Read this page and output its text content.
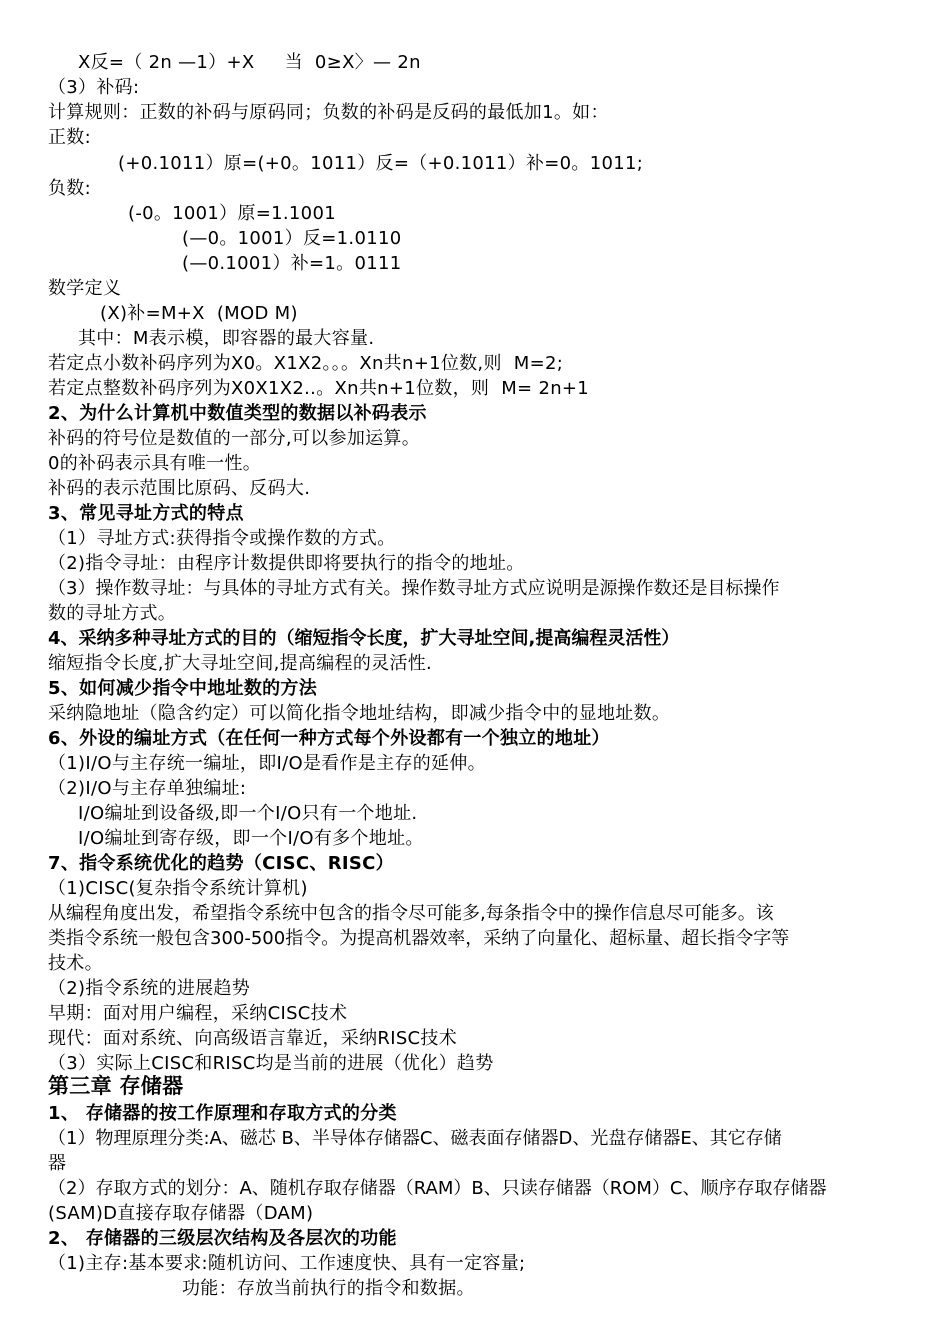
X反=（ 2n —1）+X     当  0≥X〉— 2n
（3）补码:
计算规则：正数的补码与原码同；负数的补码是反码的最低加1。如：
正数:
(+0.1011）原=(+0。1011）反=（+0.1011）补=0。1011;
负数:
(-0。1001）原=1.1001
(—0。1001）反=1.0110
(—0.1001）补=1。0111
数学定义
(X)补=M+X  (MOD M)
其中：M表示模，即容器的最大容量.
若定点小数补码序列为X0。X1X2。。。Xn共n+1位数,则  M=2;
若定点整数补码序列为X0X1X2..。Xn共n+1位数，则  M= 2n+1
2、为什么计算机中数值类型的数据以补码表示
补码的符号位是数值的一部分,可以参加运算。
0的补码表示具有唯一性。
补码的表示范围比原码、反码大.
3、常见寻址方式的特点
（1）寻址方式:获得指令或操作数的方式。
（2)指令寻址：由程序计数提供即将要执行的指令的地址。
（3）操作数寻址：与具体的寻址方式有关。操作数寻址方式应说明是源操作数还是目标操作
数的寻址方式。
4、采纳多种寻址方式的目的（缩短指令长度，扩大寻址空间,提高编程灵活性）
缩短指令长度,扩大寻址空间,提高编程的灵活性.
5、如何减少指令中地址数的方法
采纳隐地址（隐含约定）可以简化指令地址结构，即减少指令中的显地址数。
6、外设的编址方式（在任何一种方式每个外设都有一个独立的地址）
（1)I/O与主存统一编址，即I/O是看作是主存的延伸。
（2)I/O与主存单独编址:
I/O编址到设备级,即一个I/O只有一个地址.
I/O编址到寄存级，即一个I/O有多个地址。
7、指令系统优化的趋势（CISC、RISC）
（1)CISC(复杂指令系统计算机)
从编程角度出发，希望指令系统中包含的指令尽可能多,每条指令中的操作信息尽可能多。该
类指令系统一般包含300-500指令。为提高机器效率，采纳了向量化、超标量、超长指令字等
技术。
（2)指令系统的进展趋势
早期：面对用户编程，采纳CISC技术
现代：面对系统、向高级语言靠近，采纳RISC技术
（3）实际上CISC和RISC均是当前的进展（优化）趋势
第三章 存储器
1、 存储器的按工作原理和存取方式的分类
（1）物理原理分类:A、磁芯 B、半导体存储器C、磁表面存储器D、光盘存储器E、其它存储
器
（2）存取方式的划分：A、随机存取存储器（RAM）B、只读存储器（ROM）C、顺序存取存储器
(SAM)D直接存取存储器（DAM)
2、 存储器的三级层次结构及各层次的功能
（1)主存:基本要求:随机访问、工作速度快、具有一定容量;
功能：存放当前执行的指令和数据。
